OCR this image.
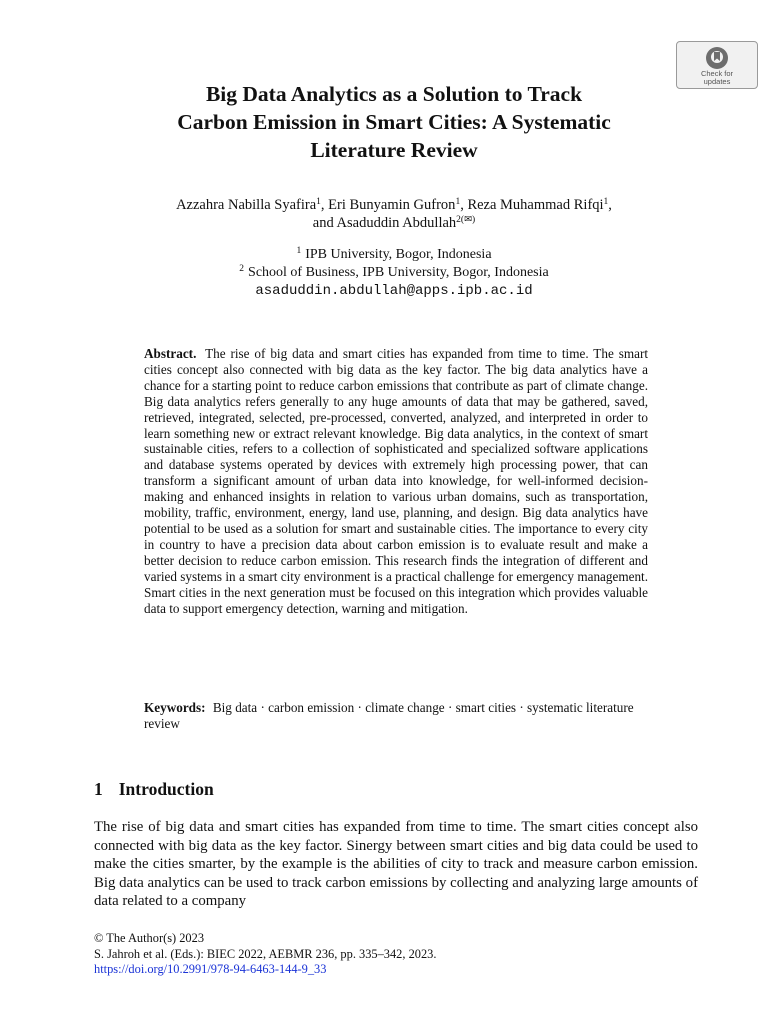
Check for
updates
Big Data Analytics as a Solution to Track
Carbon Emission in Smart Cities: A Systematic
Literature Review
Azzahra Nabilla Syafira$^1$, Eri Bunyamin Gufron$^1$, Reza Muhammad Rifqi$^1$,
and Asaduddin Abdullah$^{2(✉)}$
$^1$ IPB University, Bogor, Indonesia
$^2$ School of Business, IPB University, Bogor, Indonesia
asaduddin.abdullah@apps.ipb.ac.id

Abstract. The rise of big data and smart cities has expanded from time to time. The smart cities concept also connected with big data as the key factor. The big data analytics have a chance for a starting point to reduce carbon emissions that contribute as part of climate change. Big data analytics refers generally to any huge amounts of data that may be gathered, saved, retrieved, integrated, selected, pre-processed, converted, analyzed, and interpreted in order to learn something new or extract relevant knowledge. Big data analytics, in the context of smart sustainable cities, refers to a collection of sophisticated and specialized software applications and database systems operated by devices with extremely high processing power, that can transform a significant amount of urban data into knowledge, for well-informed decision-making and enhanced insights in relation to various urban domains, such as transportation, mobility, traffic, environment, energy, land use, planning, and design. Big data analytics have potential to be used as a solution for smart and sustainable cities. The importance to every city in country to have a precision data about carbon emission is to evaluate result and make a better decision to reduce carbon emission. This research finds the integration of different and varied systems in a smart city environment is a practical challenge for emergency management. Smart cities in the next generation must be focused on this integration which provides valuable data to support emergency detection, warning and mitigation.

Keywords: Big data · carbon emission · climate change · smart cities · systematic literature review

1 Introduction

The rise of big data and smart cities has expanded from time to time. The smart cities concept also connected with big data as the key factor. Sinergy between smart cities and big data could be used to make the cities smarter, by the example is the abilities of city to track and measure carbon emission. Big data analytics can be used to track carbon emissions by collecting and analyzing large amounts of data related to a company

© The Author(s) 2023
S. Jahroh et al. (Eds.): BIEC 2022, AEBMR 236, pp. 335–342, 2023.
https://doi.org/10.2991/978-94-6463-144-9_33
